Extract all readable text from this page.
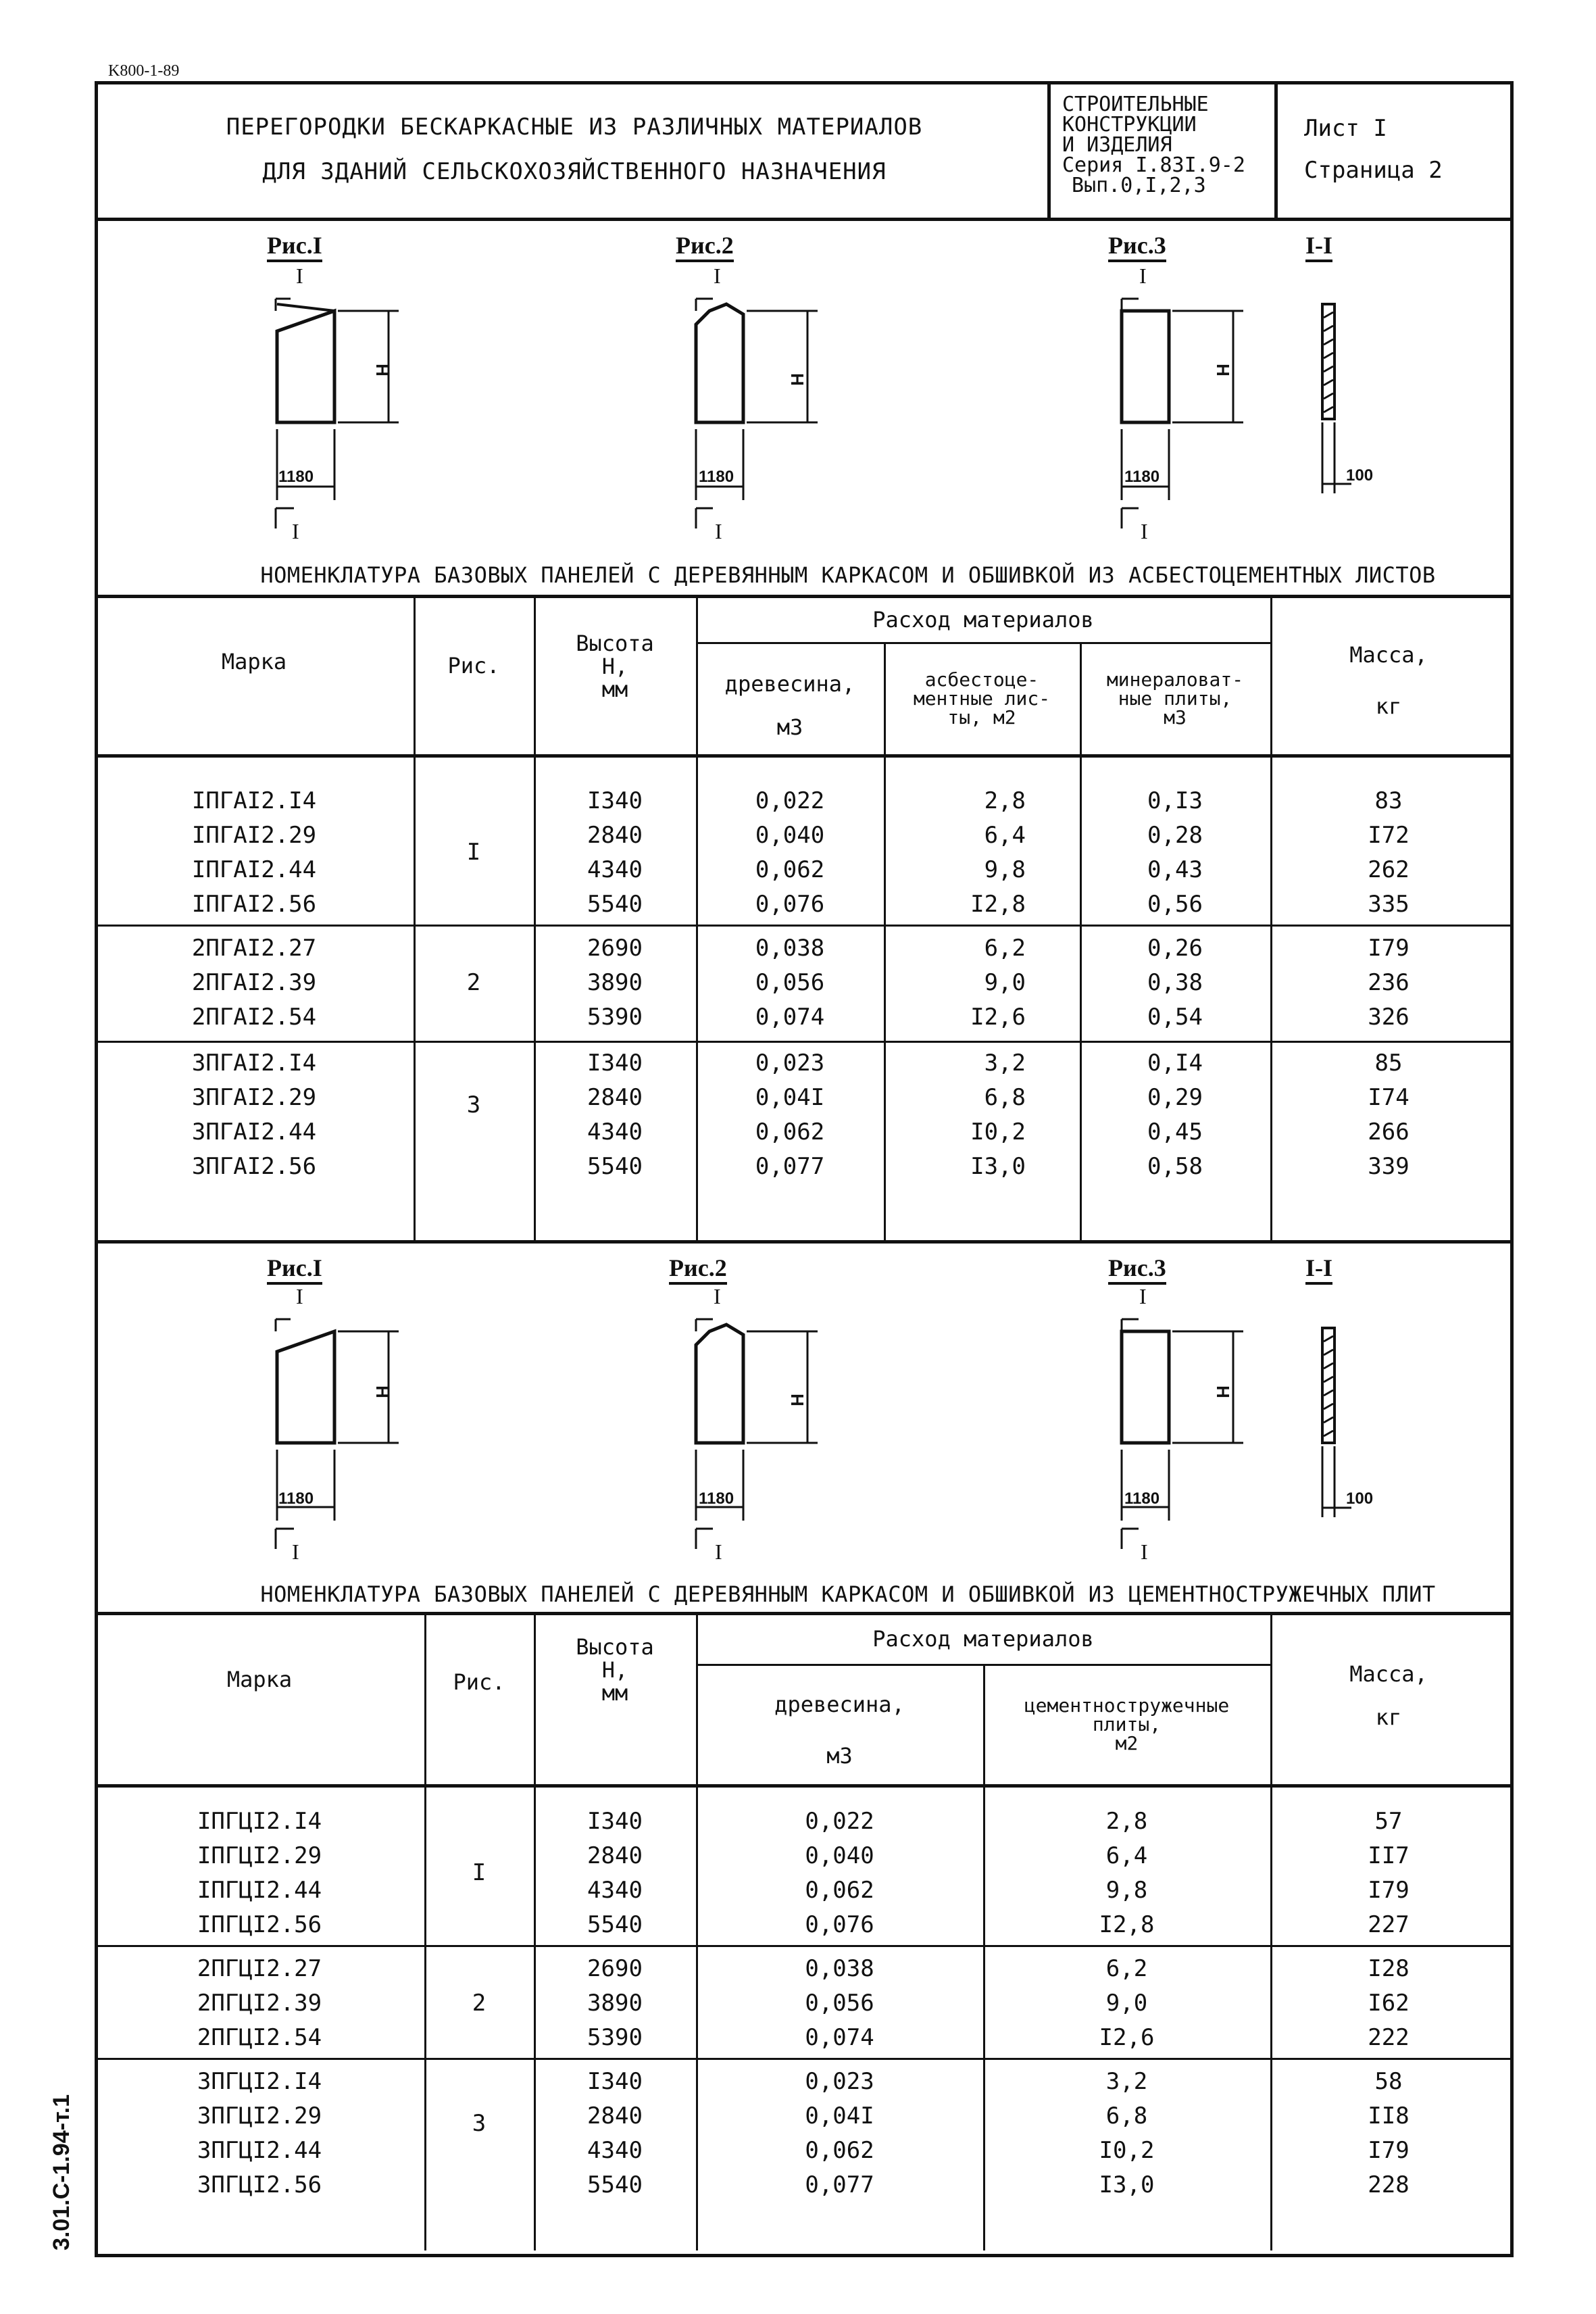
K800-1-89
3.01.C-1.94-т.1
ПЕРЕГОРОДКИ БЕСКАРКАСНЫЕ ИЗ РАЗЛИЧНЫХ МАТЕРИАЛОВ
ДЛЯ ЗДАНИЙ СЕЛЬСКОХОЗЯЙСТВЕННОГО НАЗНАЧЕНИЯ
СТРОИТЕЛЬНЫЕ
КОНСТРУКЦИИ
И ИЗДЕЛИЯ
Серия I.83I.9-2
Вып.0,I,2,3
Лист I
Страница 2
Рис.I	Рис.2	Рис.3	I-I
I
Н
1180
I
I
Н
1180
I
I
Н
1180
I
100
НОМЕНКЛАТУРА БАЗОВЫХ ПАНЕЛЕЙ С ДЕРЕВЯННЫМ КАРКАСОМ И ОБШИВКОЙ ИЗ АСБЕСТОЦЕМЕНТНЫХ ЛИСТОВ
Марка	Рис.
Высота
Н,
мм
Расход материалов
древесина,
м3
асбестоце-
ментные лис-
ты, м2
минераловат-
ные плиты,
м3
Масса,
кг
I
IПГАI2.I4	I340	0,022	2,8	0,I3	83
IПГАI2.29	2840	0,040	6,4	0,28	I72
IПГАI2.44	4340	0,062	9,8	0,43	262
IПГАI2.56	5540	0,076	I2,8	0,56	335
2
2ПГАI2.27	2690	0,038	6,2	0,26	I79
2ПГАI2.39	3890	0,056	9,0	0,38	236
2ПГАI2.54	5390	0,074	I2,6	0,54	326
3
3ПГАI2.I4	I340	0,023	3,2	0,I4	85
3ПГАI2.29	2840	0,04I	6,8	0,29	I74
3ПГАI2.44	4340	0,062	I0,2	0,45	266
3ПГАI2.56	5540	0,077	I3,0	0,58	339
Рис.I	Рис.2	Рис.3	I-I
I
Н
1180
I
I
Н
1180
I
I
Н
1180
I
100
НОМЕНКЛАТУРА БАЗОВЫХ ПАНЕЛЕЙ С ДЕРЕВЯННЫМ КАРКАСОМ И ОБШИВКОЙ ИЗ ЦЕМЕНТНОСТРУЖЕЧНЫХ ПЛИТ
Марка	Рис.
Высота
Н,
мм
Расход материалов
древесина,
м3
цементностружечные
плиты,
м2
Масса,
кг
I
IПГЦI2.I4	I340	0,022	2,8	57
IПГЦI2.29	2840	0,040	6,4	II7
IПГЦI2.44	4340	0,062	9,8	I79
IПГЦI2.56	5540	0,076	I2,8	227
2
2ПГЦI2.27	2690	0,038	6,2	I28
2ПГЦI2.39	3890	0,056	9,0	I62
2ПГЦI2.54	5390	0,074	I2,6	222
3
3ПГЦI2.I4	I340	0,023	3,2	58
3ПГЦI2.29	2840	0,04I	6,8	II8
3ПГЦI2.44	4340	0,062	I0,2	I79
3ПГЦI2.56	5540	0,077	I3,0	228
